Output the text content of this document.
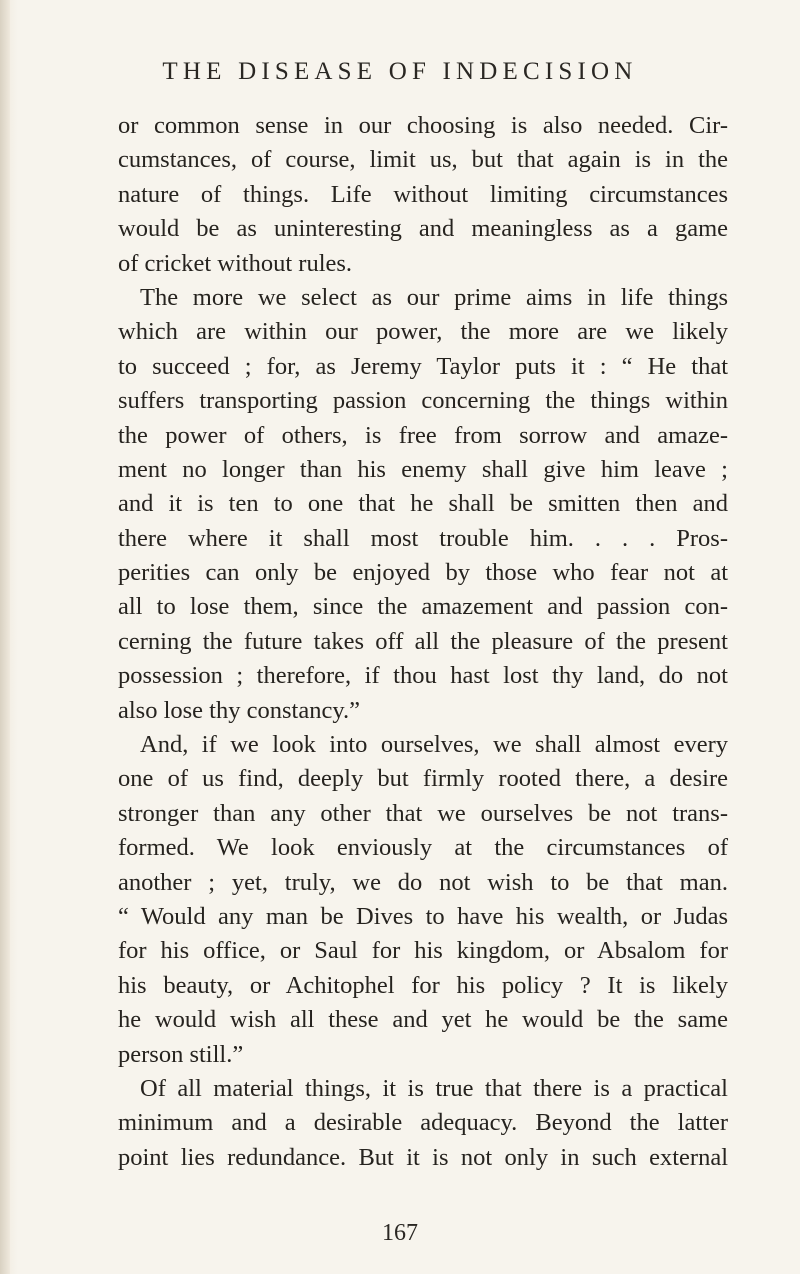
THE DISEASE OF INDECISION
or common sense in our choosing is also needed. Cir-
cumstances, of course, limit us, but that again is in the
nature of things. Life without limiting circumstances
would be as uninteresting and meaningless as a game
of cricket without rules.
The more we select as our prime aims in life things
which are within our power, the more are we likely
to succeed ; for, as Jeremy Taylor puts it : “ He that
suffers transporting passion concerning the things within
the power of others, is free from sorrow and amaze-
ment no longer than his enemy shall give him leave ;
and it is ten to one that he shall be smitten then and
there where it shall most trouble him. . . . Pros-
perities can only be enjoyed by those who fear not at
all to lose them, since the amazement and passion con-
cerning the future takes off all the pleasure of the present
possession ; therefore, if thou hast lost thy land, do not
also lose thy constancy.”
And, if we look into ourselves, we shall almost every
one of us find, deeply but firmly rooted there, a desire
stronger than any other that we ourselves be not trans-
formed. We look enviously at the circumstances of
another ; yet, truly, we do not wish to be that man.
“ Would any man be Dives to have his wealth, or Judas
for his office, or Saul for his kingdom, or Absalom for
his beauty, or Achitophel for his policy ? It is likely
he would wish all these and yet he would be the same
person still.”
Of all material things, it is true that there is a practical
minimum and a desirable adequacy. Beyond the latter
point lies redundance. But it is not only in such external
167
